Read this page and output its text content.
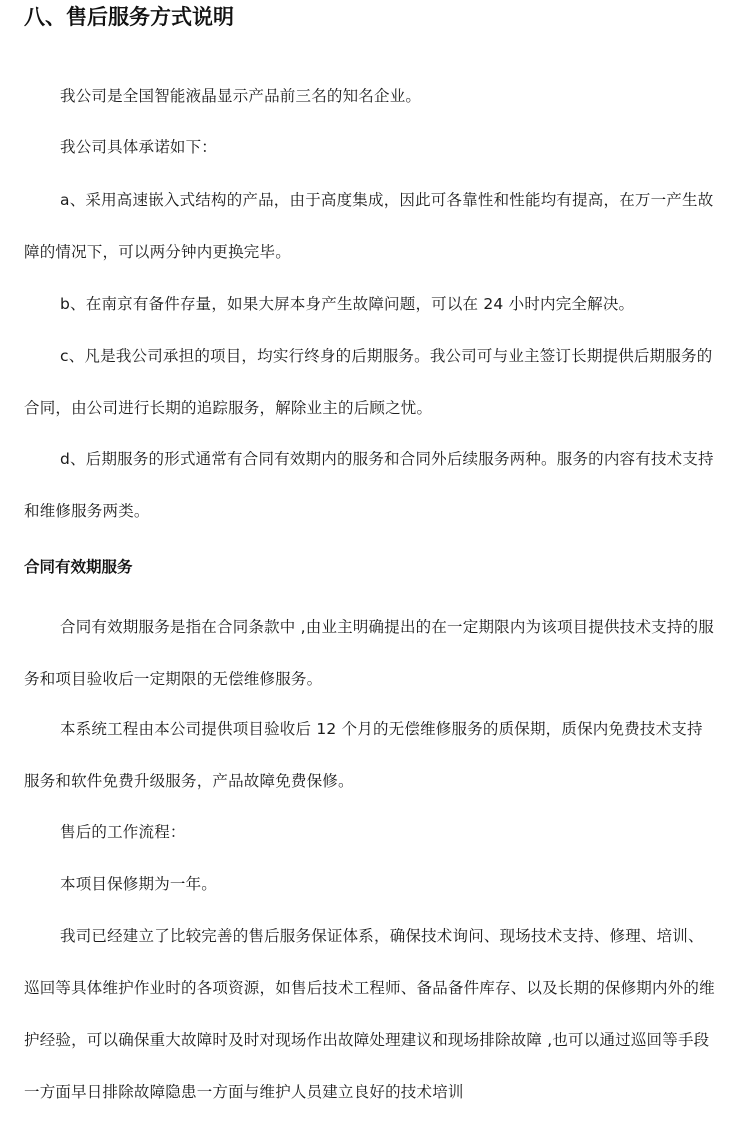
八、售后服务方式说明

我公司是全国智能液晶显示产品前三名的知名企业。

我公司具体承诺如下：

a、采用高速嵌入式结构的产品，由于高度集成，因此可各靠性和性能均有提高，在万一产生故障的情况下，可以两分钟内更换完毕。

b、在南京有备件存量，如果大屏本身产生故障问题，可以在 24 小时内完全解决。

c、凡是我公司承担的项目，均实行终身的后期服务。我公司可与业主签订长期提供后期服务的合同，由公司进行长期的追踪服务，解除业主的后顾之忧。

d、后期服务的形式通常有合同有效期内的服务和合同外后续服务两种。服务的内容有技术支持和维修服务两类。

合同有效期服务

合同有效期服务是指在合同条款中 ,由业主明确提出的在一定期限内为该项目提供技术支持的服务和项目验收后一定期限的无偿维修服务。

本系统工程由本公司提供项目验收后 12 个月的无偿维修服务的质保期，质保内免费技术支持服务和软件免费升级服务，产品故障免费保修。

售后的工作流程：

本项目保修期为一年。

我司已经建立了比较完善的售后服务保证体系，确保技术询问、现场技术支持、修理、培训、巡回等具体维护作业时的各项资源，如售后技术工程师、备品备件库存、以及长期的保修期内外的维护经验，可以确保重大故障时及时对现场作出故障处理建议和现场排除故障 ,也可以通过巡回等手段一方面早日排除故障隐患一方面与维护人员建立良好的技术培训
